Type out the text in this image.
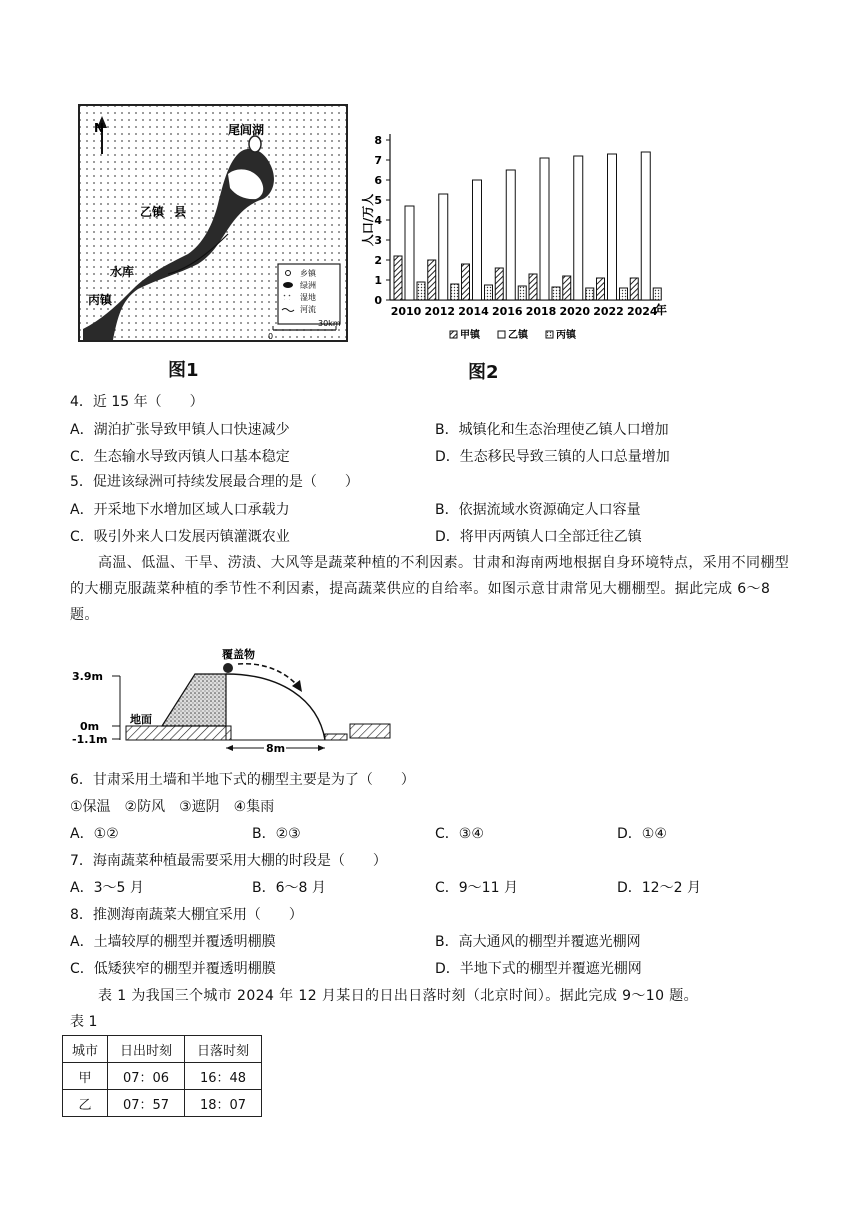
N	尾闾湖
乙镇 县
水库
丙镇
乡镇
绿洲
湿地
河流
0
30km
图1
0
1
2
3
4
5
6
7
8
2010 2012 2014 2016 2018 2020 2022 2024
人口/万人
年
甲镇	乙镇	丙镇
图2
4．近 15 年（　　）
A．湖泊扩张导致甲镇人口快速减少	B．城镇化和生态治理使乙镇人口增加
C．生态输水导致丙镇人口基本稳定	D．生态移民导致三镇的人口总量增加
5．促进该绿洲可持续发展最合理的是（　　）
A．开采地下水增加区域人口承载力	B．依据流域水资源确定人口容量
C．吸引外来人口发展丙镇灌溉农业	D．将甲丙两镇人口全部迁往乙镇
高温、低温、干旱、涝渍、大风等是蔬菜种植的不利因素。甘肃和海南两地根据自身环境特点，采用不同棚型的大棚克服蔬菜种植的季节性不利因素，提高蔬菜供应的自给率。如图示意甘肃常见大棚棚型。据此完成 6～8 题。
3.9m
0m
-1.1m
地面
覆盖物
8m
6．甘肃采用土墙和半地下式的棚型主要是为了（　　）
①保温　②防风　③遮阴　④集雨
A．①②	B．②③	C．③④	D．①④
7．海南蔬菜种植最需要采用大棚的时段是（　　）
A．3～5 月	B．6～8 月	C．9～11 月	D．12～2 月
8．推测海南蔬菜大棚宜采用（　　）
A．土墙较厚的棚型并覆透明棚膜	B．高大通风的棚型并覆遮光棚网
C．低矮狭窄的棚型并覆透明棚膜	D．半地下式的棚型并覆遮光棚网
表 1 为我国三个城市 2024 年 12 月某日的日出日落时刻（北京时间）。据此完成 9～10 题。
表 1
城市	日出时刻	日落时刻
甲	07：06	16：48
乙	07：57	18：07
